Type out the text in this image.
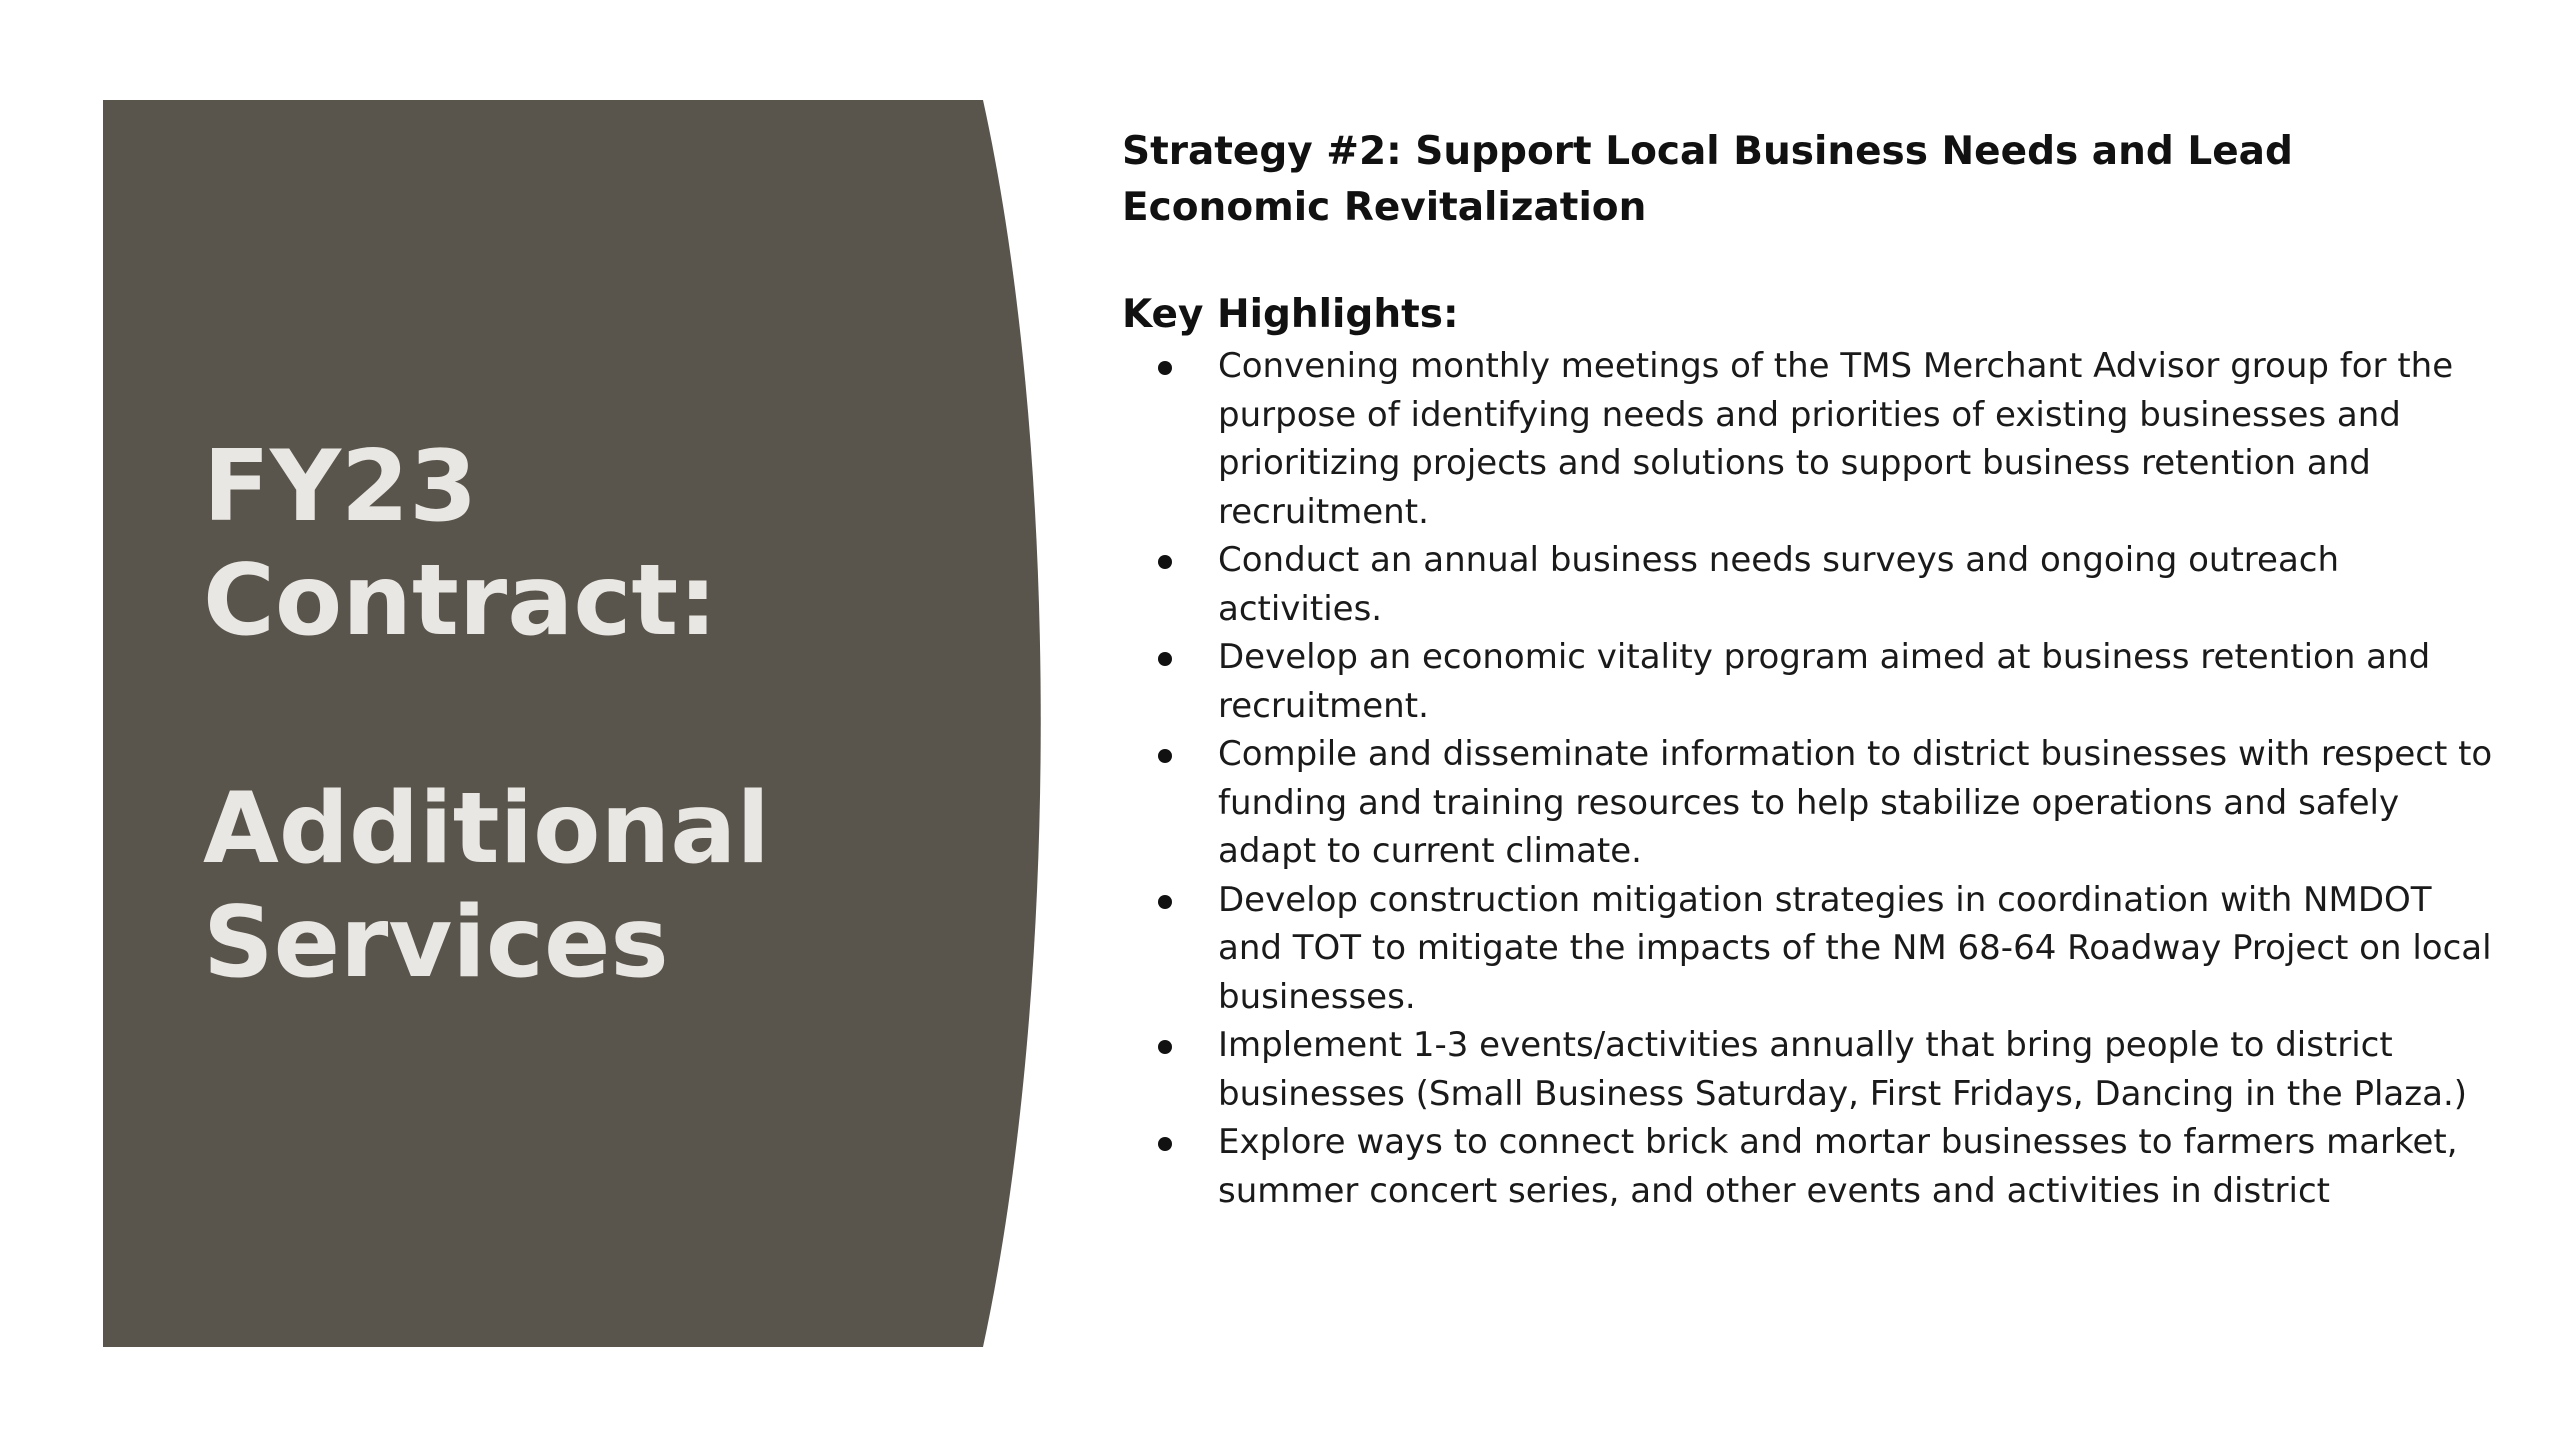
FY23
Contract:
Additional
Services

Strategy #2: Support Local Business Needs and Lead Economic Revitalization

Key Highlights:

Convening monthly meetings of the TMS Merchant Advisor group for the purpose of identifying needs and priorities of existing businesses and prioritizing projects and solutions to support business retention and recruitment.
Conduct an annual business needs surveys and ongoing outreach activities.
Develop an economic vitality program aimed at business retention and recruitment.
Compile and disseminate information to district businesses with respect to funding and training resources to help stabilize operations and safely adapt to current climate.
Develop construction mitigation strategies in coordination with NMDOT and TOT to mitigate the impacts of the NM 68-64 Roadway Project on local businesses.
Implement 1-3 events/activities annually that bring people to district businesses (Small Business Saturday, First Fridays, Dancing in the Plaza.)
Explore ways to connect brick and mortar businesses to farmers market, summer concert series, and other events and activities in district
